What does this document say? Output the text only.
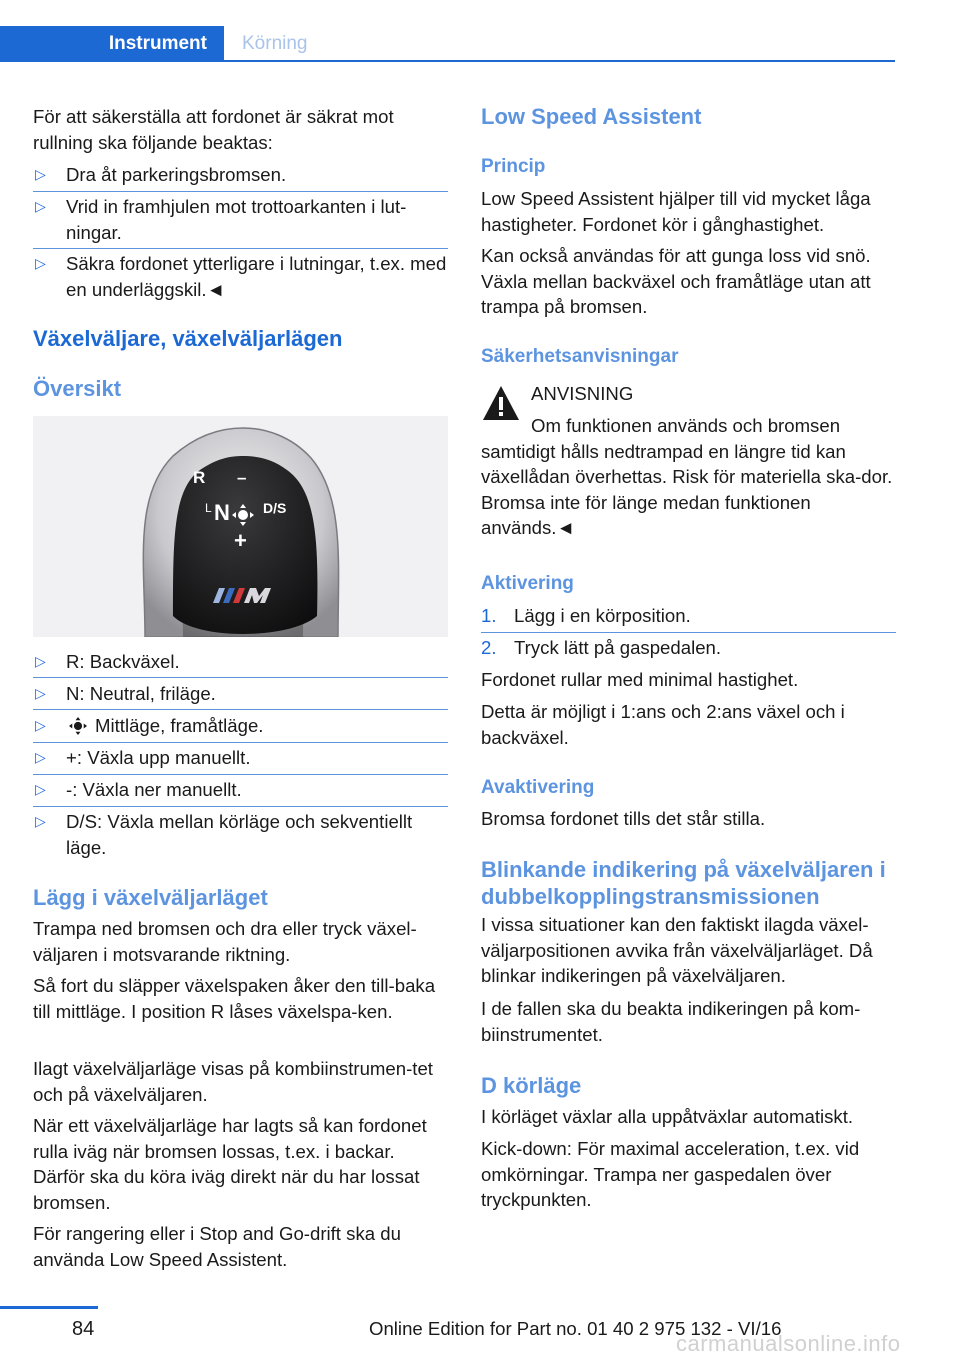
Instrument	Körning
För att säkerställa att fordonet är säkrat mot rullning ska följande beaktas:
▷ Dra åt parkeringsbromsen.
▷ Vrid in framhjulen mot trottoarkanten i lut-ningar.
▷ Säkra fordonet ytterligare i lutningar, t.ex. med en underläggskil.◄
Växelväljare, växelväljarlägen
Översikt
R
L N
–
D/S
+
▷ R: Backväxel.
▷ N: Neutral, friläge.
▷	Mittläge, framåtläge.
▷ +: Växla upp manuellt.
▷ -: Växla ner manuellt.
▷ D/S: Växla mellan körläge och sekventiellt läge.
Lägg i växelväljarläget
Trampa ned bromsen och dra eller tryck växel-väljaren i motsvarande riktning.
Så fort du släpper växelspaken åker den till-baka till mittläge. I position R låses växelspa-ken.
Ilagt växelväljarläge visas på kombiinstrumen-tet och på växelväljaren.
När ett växelväljarläge har lagts så kan fordonet rulla iväg när bromsen lossas, t.ex. i backar. Därför ska du köra iväg direkt när du har lossat bromsen.
För rangering eller i Stop and Go-drift ska du använda Low Speed Assistent.
Low Speed Assistent
Princip
Low Speed Assistent hjälper till vid mycket låga hastigheter. Fordonet kör i gånghastighet.
Kan också användas för att gunga loss vid snö. Växla mellan backväxel och framåtläge utan att trampa på bromsen.
Säkerhetsanvisningar
ANVISNING
Om funktionen används och bromsen samtidigt hålls nedtrampad en längre tid kan växellådan överhettas. Risk för materiella ska-dor. Bromsa inte för länge medan funktionen används.◄
Aktivering
1. Lägg i en körposition.
2. Tryck lätt på gaspedalen.
Fordonet rullar med minimal hastighet.
Detta är möjligt i 1:ans och 2:ans växel och i backväxel.
Avaktivering
Bromsa fordonet tills det står stilla.
Blinkande indikering på växelväljaren i dubbelkopplingstransmissionen
I vissa situationer kan den faktiskt ilagda växel-väljarpositionen avvika från växelväljarläget. Då blinkar indikeringen på växelväljaren.
I de fallen ska du beakta indikeringen på kom-biinstrumentet.
D körläge
I körläget växlar alla uppåtväxlar automatiskt.
Kick-down: För maximal acceleration, t.ex. vid omkörningar. Trampa ner gaspedalen över tryckpunkten.
84	Online Edition for Part no. 01 40 2 975 132 - VI/16
carmanualsonline.info
